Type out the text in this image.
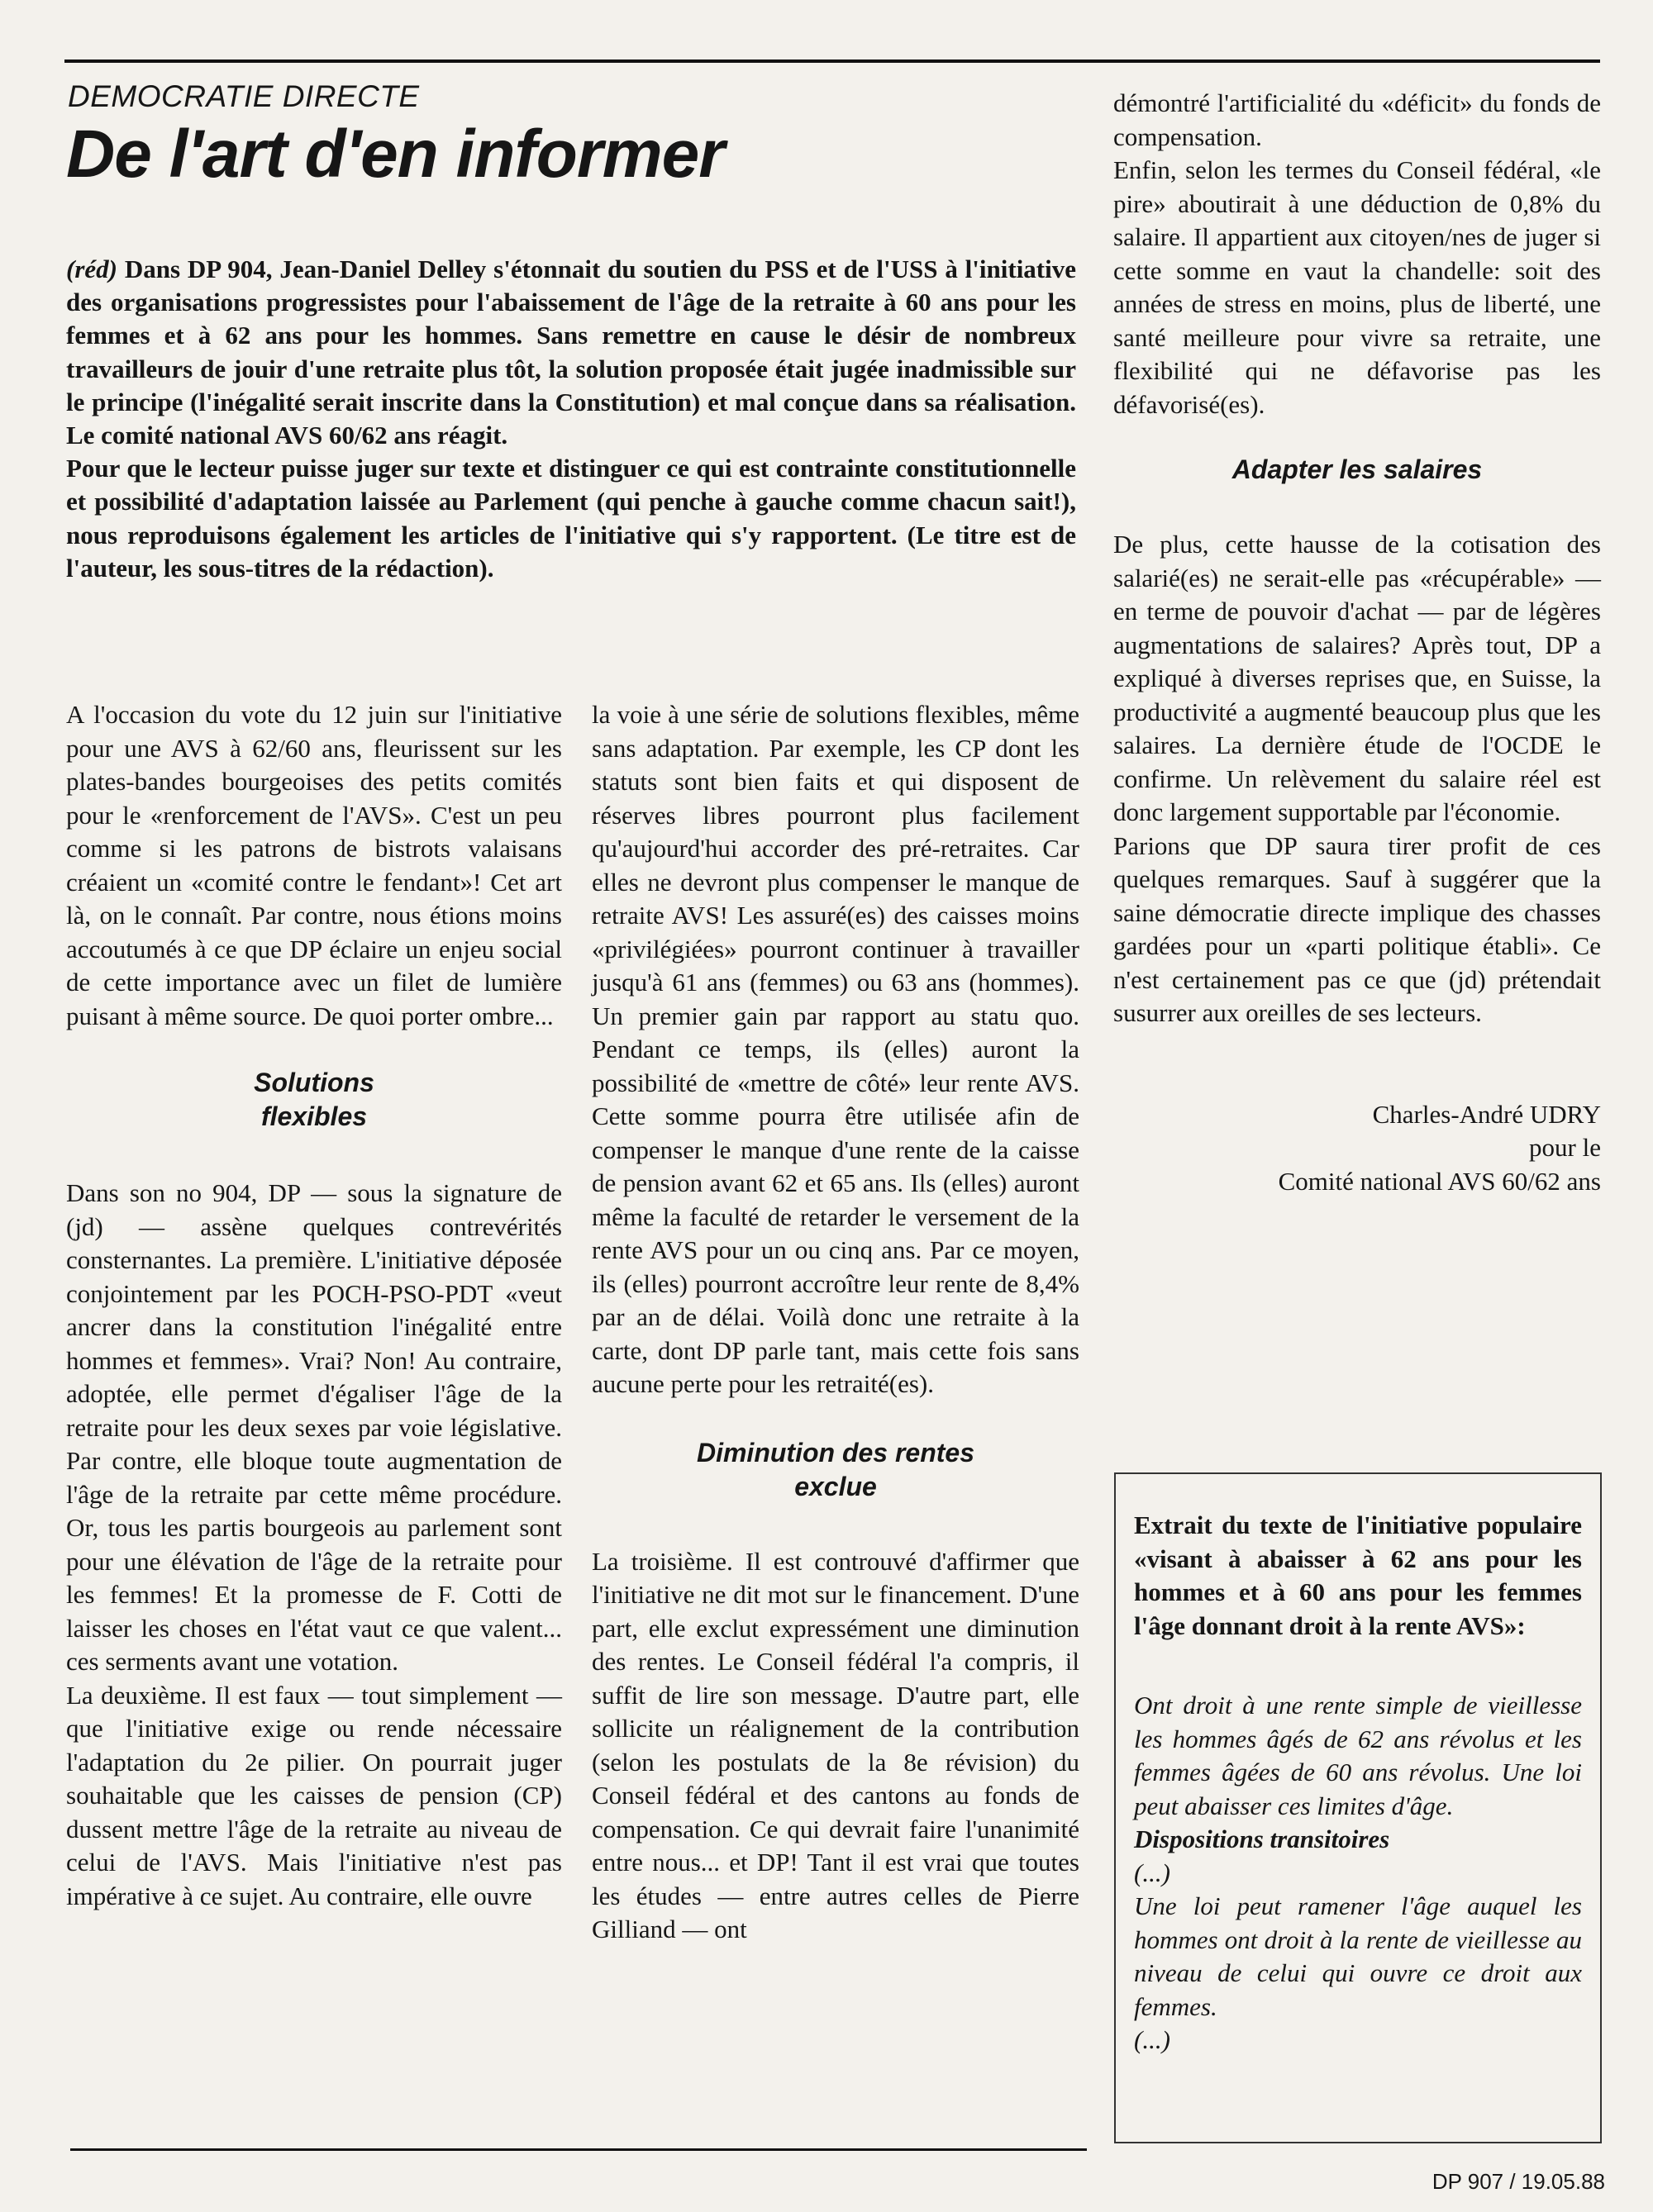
DEMOCRATIE DIRECTE
De l'art d'en informer

(réd) Dans DP 904, Jean-Daniel Delley s'étonnait du soutien du PSS et de l'USS à l'initiative des organisations progressistes pour l'abaissement de l'âge de la retraite à 60 ans pour les femmes et à 62 ans pour les hommes. Sans remettre en cause le désir de nombreux travailleurs de jouir d'une retraite plus tôt, la solution proposée était jugée inadmissible sur le principe (l'inégalité serait inscrite dans la Constitution) et mal conçue dans sa réalisation. Le comité national AVS 60/62 ans réagit.

Pour que le lecteur puisse juger sur texte et distinguer ce qui est contrainte constitutionnelle et possibilité d'adaptation laissée au Parlement (qui penche à gauche comme chacun sait!), nous reproduisons également les articles de l'initiative qui s'y rapportent. (Le titre est de l'auteur, les sous-titres de la rédaction).

A l'occasion du vote du 12 juin sur l'initiative pour une AVS à 62/60 ans, fleurissent sur les plates-bandes bourgeoises des petits comités pour le «renforcement de l'AVS». C'est un peu comme si les patrons de bistrots valaisans créaient un «comité contre le fendant»! Cet art là, on le connaît. Par contre, nous étions moins accoutumés à ce que DP éclaire un enjeu social de cette importance avec un filet de lumière puisant à même source. De quoi porter ombre...

Solutions
flexibles

Dans son no 904, DP — sous la signature de (jd) — assène quelques contrevérités consternantes. La première. L'initiative déposée conjointement par les POCH-PSO-PDT «veut ancrer dans la constitution l'inégalité entre hommes et femmes». Vrai? Non! Au contraire, adoptée, elle permet d'égaliser l'âge de la retraite pour les deux sexes par voie législative. Par contre, elle bloque toute augmentation de l'âge de la retraite par cette même procédure. Or, tous les partis bourgeois au parlement sont pour une élévation de l'âge de la retraite pour les femmes! Et la promesse de F. Cotti de laisser les choses en l'état vaut ce que valent... ces serments avant une votation.

La deuxième. Il est faux — tout simplement — que l'initiative exige ou rende nécessaire l'adaptation du 2e pilier. On pourrait juger souhaitable que les caisses de pension (CP) dussent mettre l'âge de la retraite au niveau de celui de l'AVS. Mais l'initiative n'est pas impérative à ce sujet. Au contraire, elle ouvre

la voie à une série de solutions flexibles, même sans adaptation. Par exemple, les CP dont les statuts sont bien faits et qui disposent de réserves libres pourront plus facilement qu'aujourd'hui accorder des pré-retraites. Car elles ne devront plus compenser le manque de retraite AVS! Les assuré(es) des caisses moins «privilégiées» pourront continuer à travailler jusqu'à 61 ans (femmes) ou 63 ans (hommes). Un premier gain par rapport au statu quo. Pendant ce temps, ils (elles) auront la possibilité de «mettre de côté» leur rente AVS. Cette somme pourra être utilisée afin de compenser le manque d'une rente de la caisse de pension avant 62 et 65 ans. Ils (elles) auront même la faculté de retarder le versement de la rente AVS pour un ou cinq ans. Par ce moyen, ils (elles) pourront accroître leur rente de 8,4% par an de délai. Voilà donc une retraite à la carte, dont DP parle tant, mais cette fois sans aucune perte pour les retraité(es).

Diminution des rentes
exclue

La troisième. Il est controuvé d'affirmer que l'initiative ne dit mot sur le financement. D'une part, elle exclut expressément une diminution des rentes. Le Conseil fédéral l'a compris, il suffit de lire son message. D'autre part, elle sollicite un réalignement de la contribution (selon les postulats de la 8e révision) du Conseil fédéral et des cantons au fonds de compensation. Ce qui devrait faire l'unanimité entre nous... et DP! Tant il est vrai que toutes les études — entre autres celles de Pierre Gilliand — ont

démontré l'artificialité du «déficit» du fonds de compensation.

Enfin, selon les termes du Conseil fédéral, «le pire» aboutirait à une déduction de 0,8% du salaire. Il appartient aux citoyen/nes de juger si cette somme en vaut la chandelle: soit des années de stress en moins, plus de liberté, une santé meilleure pour vivre sa retraite, une flexibilité qui ne défavorise pas les défavorisé(es).

Adapter les salaires

De plus, cette hausse de la cotisation des salarié(es) ne serait-elle pas «récupérable» — en terme de pouvoir d'achat — par de légères augmentations de salaires? Après tout, DP a expliqué à diverses reprises que, en Suisse, la productivité a augmenté beaucoup plus que les salaires. La dernière étude de l'OCDE le confirme. Un relèvement du salaire réel est donc largement supportable par l'économie.

Parions que DP saura tirer profit de ces quelques remarques. Sauf à suggérer que la saine démocratie directe implique des chasses gardées pour un «parti politique établi». Ce n'est certainement pas ce que (jd) prétendait susurrer aux oreilles de ses lecteurs.

Charles-André UDRY
pour le
Comité national AVS 60/62 ans

Extrait du texte de l'initiative populaire «visant à abaisser à 62 ans pour les hommes et à 60 ans pour les femmes l'âge donnant droit à la rente AVS»:

Ont droit à une rente simple de vieillesse les hommes âgés de 62 ans révolus et les femmes âgées de 60 ans révolus. Une loi peut abaisser ces limites d'âge.

Dispositions transitoires

(...)

Une loi peut ramener l'âge auquel les hommes ont droit à la rente de vieillesse au niveau de celui qui ouvre ce droit aux femmes.

(...)

DP 907 / 19.05.88
